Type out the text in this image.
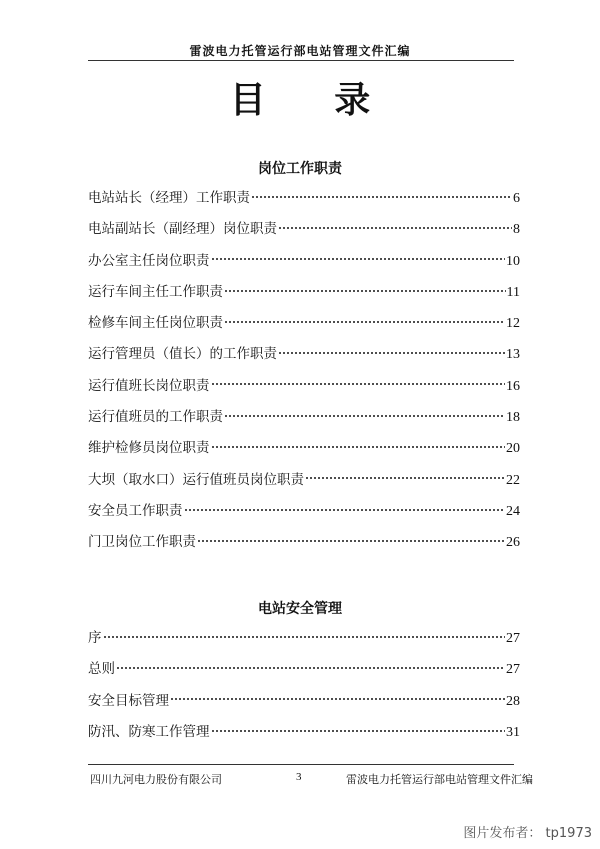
雷波电力托管运行部电站管理文件汇编
目 录
岗位工作职责
电站站长（经理）工作职责	6
电站副站长（副经理）岗位职责	8
办公室主任岗位职责	10
运行车间主任工作职责	11
检修车间主任岗位职责	12
运行管理员（值长）的工作职责	13
运行值班长岗位职责	16
运行值班员的工作职责	18
维护检修员岗位职责	20
大坝（取水口）运行值班员岗位职责	22
安全员工作职责	24
门卫岗位工作职责	26
电站安全管理
序	27
总则	27
安全目标管理	28
防汛、防寒工作管理	31
四川九河电力股份有限公司	3	雷波电力托管运行部电站管理文件汇编
图片发布者： tp1973
